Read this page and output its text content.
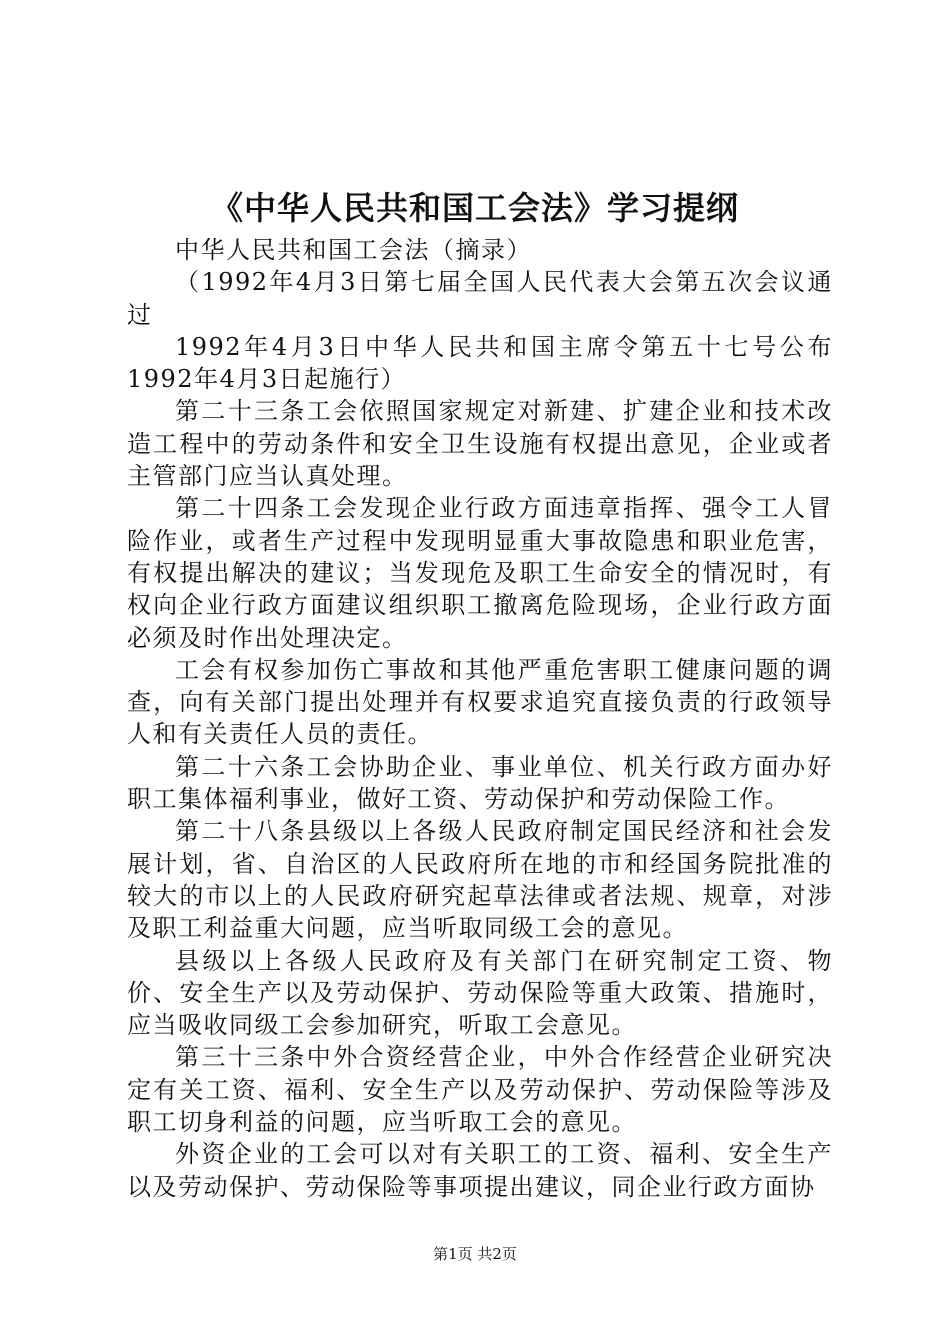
《中华人民共和国工会法》学习提纲

中华人民共和国工会法（摘录）

（1992年4月3日第七届全国人民代表大会第五次会议通过

1992年4月3日中华人民共和国主席令第五十七号公布1992年4月3日起施行）

第二十三条工会依照国家规定对新建、扩建企业和技术改造工程中的劳动条件和安全卫生设施有权提出意见，企业或者主管部门应当认真处理。

第二十四条工会发现企业行政方面违章指挥、强令工人冒险作业，或者生产过程中发现明显重大事故隐患和职业危害，有权提出解决的建议；当发现危及职工生命安全的情况时，有权向企业行政方面建议组织职工撤离危险现场，企业行政方面必须及时作出处理决定。

工会有权参加伤亡事故和其他严重危害职工健康问题的调查，向有关部门提出处理并有权要求追究直接负责的行政领导人和有关责任人员的责任。

第二十六条工会协助企业、事业单位、机关行政方面办好职工集体福利事业，做好工资、劳动保护和劳动保险工作。

第二十八条县级以上各级人民政府制定国民经济和社会发展计划，省、自治区的人民政府所在地的市和经国务院批准的较大的市以上的人民政府研究起草法律或者法规、规章，对涉及职工利益重大问题，应当听取同级工会的意见。

县级以上各级人民政府及有关部门在研究制定工资、物价、安全生产以及劳动保护、劳动保险等重大政策、措施时，应当吸收同级工会参加研究，听取工会意见。

第三十三条中外合资经营企业，中外合作经营企业研究决定有关工资、福利、安全生产以及劳动保护、劳动保险等涉及职工切身利益的问题，应当听取工会的意见。

外资企业的工会可以对有关职工的工资、福利、安全生产以及劳动保护、劳动保险等事项提出建议，同企业行政方面协

第1页 共2页
